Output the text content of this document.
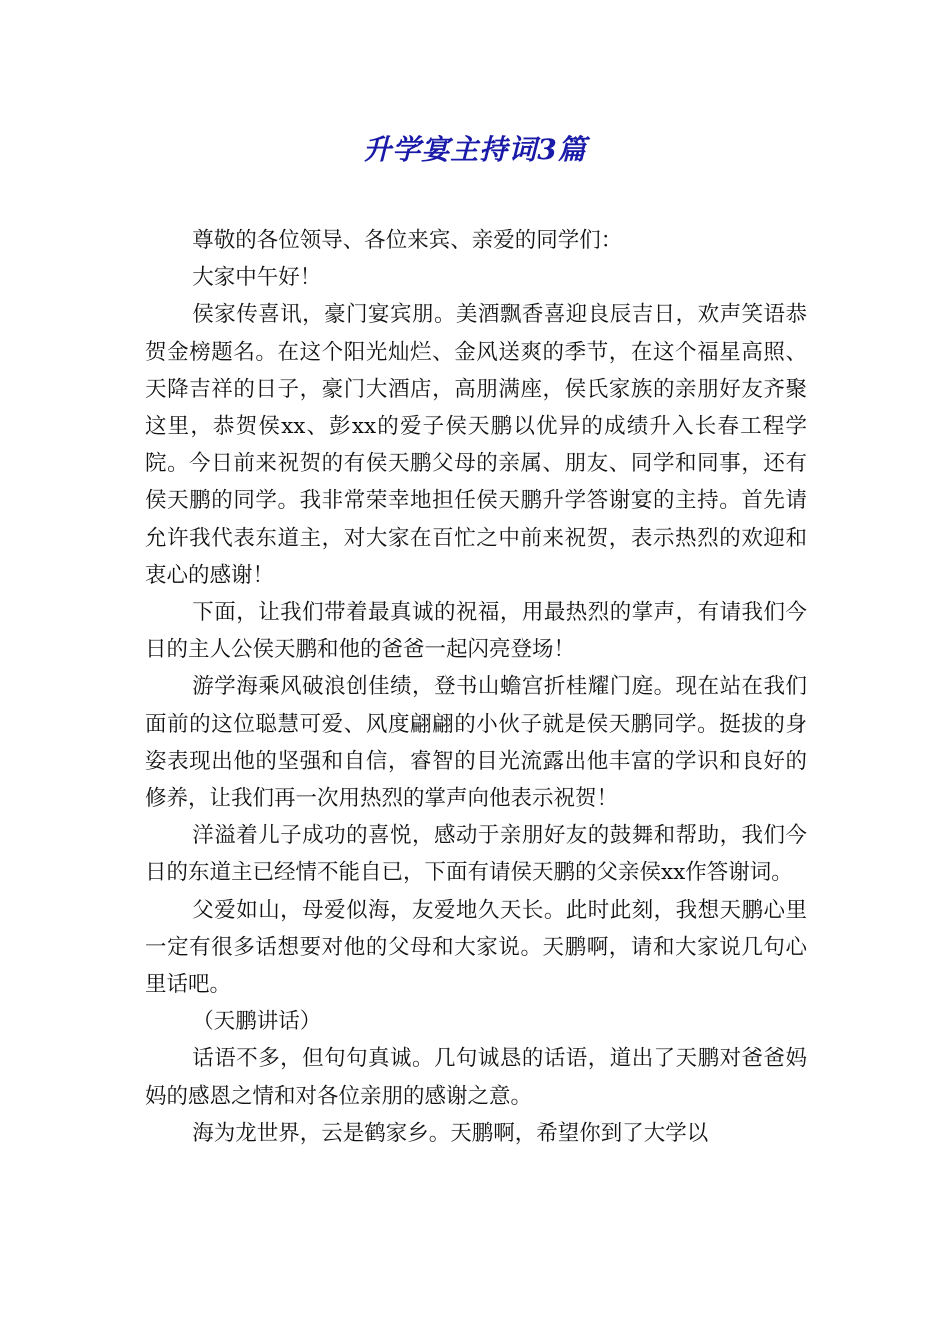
升学宴主持词3篇

尊敬的各位领导、各位来宾、亲爱的同学们：

大家中午好！

侯家传喜讯，豪门宴宾朋。美酒飘香喜迎良辰吉日，欢声笑语恭贺金榜题名。在这个阳光灿烂、金风送爽的季节，在这个福星高照、天降吉祥的日子，豪门大酒店，高朋满座，侯氏家族的亲朋好友齐聚这里，恭贺侯xx、彭xx的爱子侯天鹏以优异的成绩升入长春工程学院。今日前来祝贺的有侯天鹏父母的亲属、朋友、同学和同事，还有侯天鹏的同学。我非常荣幸地担任侯天鹏升学答谢宴的主持。首先请允许我代表东道主，对大家在百忙之中前来祝贺，表示热烈的欢迎和衷心的感谢！

下面，让我们带着最真诚的祝福，用最热烈的掌声，有请我们今日的主人公侯天鹏和他的爸爸一起闪亮登场！

游学海乘风破浪创佳绩，登书山蟾宫折桂耀门庭。现在站在我们面前的这位聪慧可爱、风度翩翩的小伙子就是侯天鹏同学。挺拔的身姿表现出他的坚强和自信，睿智的目光流露出他丰富的学识和良好的修养，让我们再一次用热烈的掌声向他表示祝贺！

洋溢着儿子成功的喜悦，感动于亲朋好友的鼓舞和帮助，我们今日的东道主已经情不能自已，下面有请侯天鹏的父亲侯xx作答谢词。

父爱如山，母爱似海，友爱地久天长。此时此刻，我想天鹏心里一定有很多话想要对他的父母和大家说。天鹏啊，请和大家说几句心里话吧。

（天鹏讲话）

话语不多，但句句真诚。几句诚恳的话语，道出了天鹏对爸爸妈妈的感恩之情和对各位亲朋的感谢之意。

海为龙世界，云是鹤家乡。天鹏啊，希望你到了大学以
